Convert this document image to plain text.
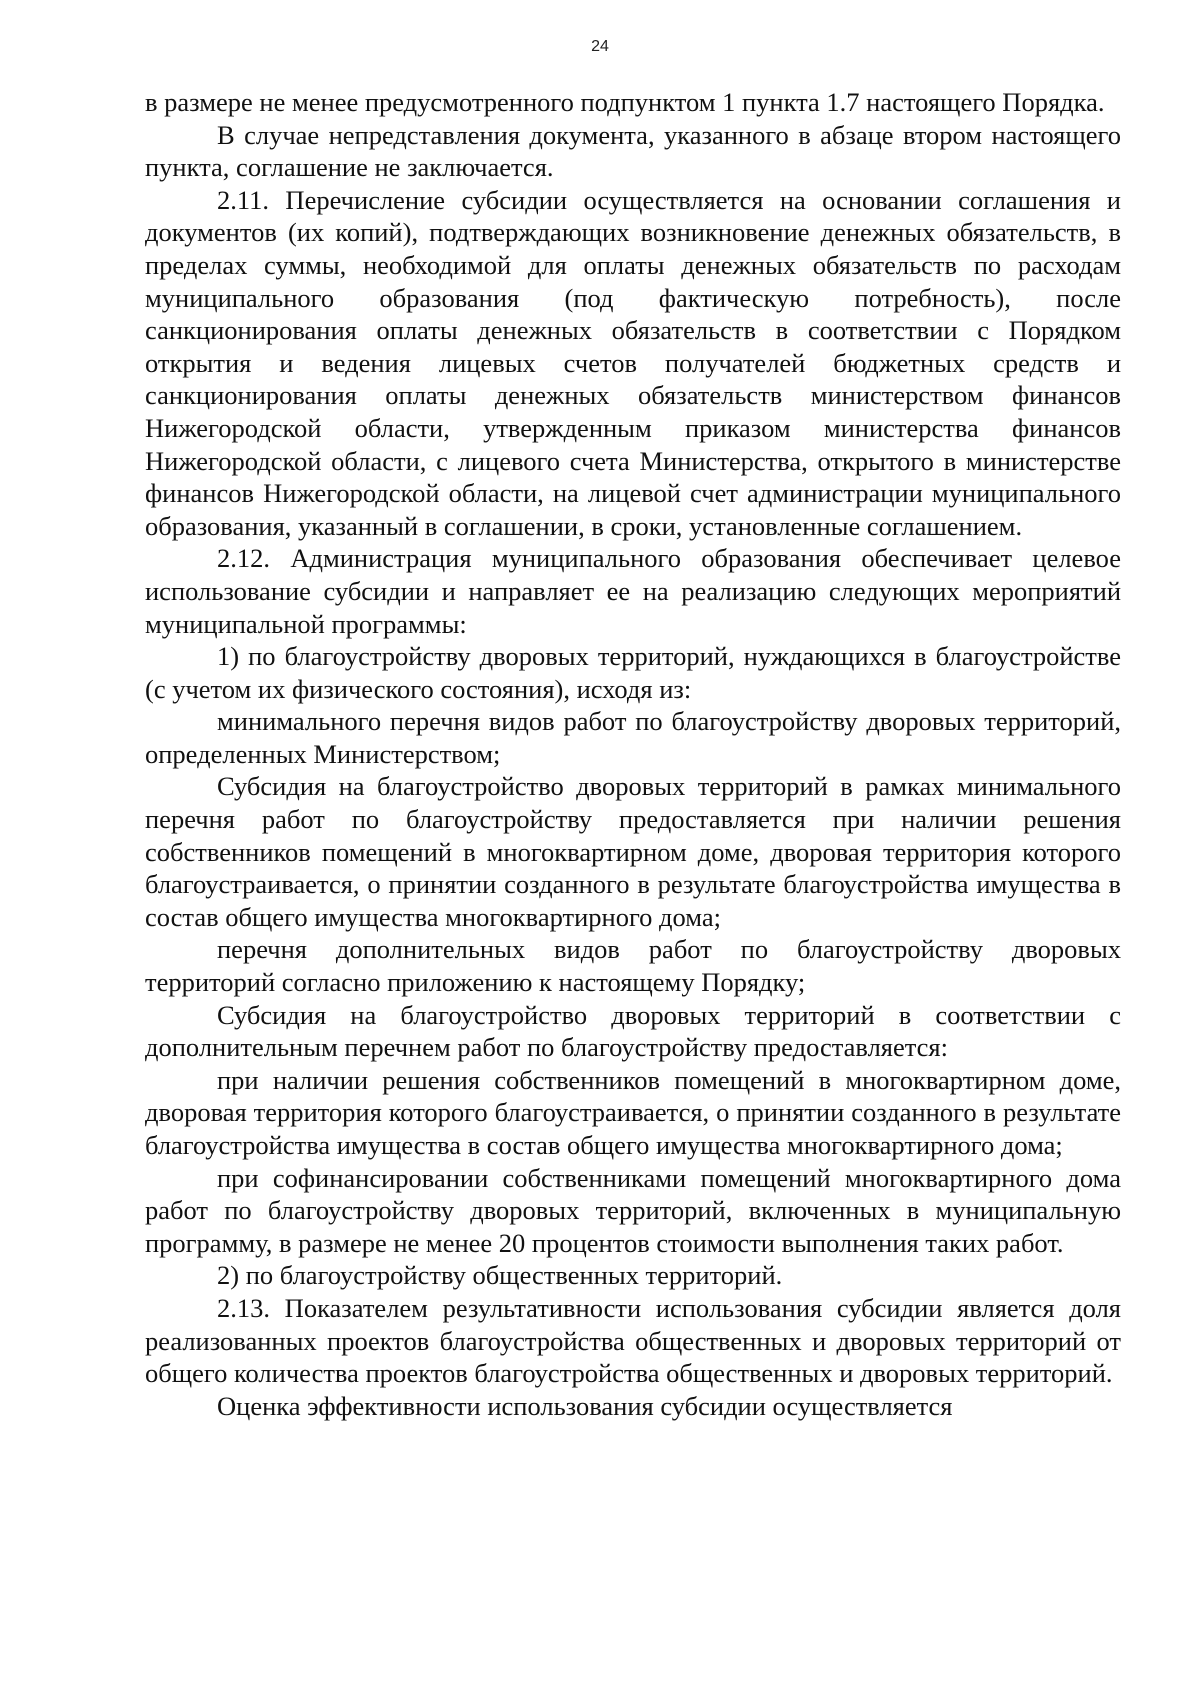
24

в размере не менее предусмотренного подпунктом 1 пункта 1.7 настоящего Порядка.

В случае непредставления документа, указанного в абзаце втором настоящего пункта, соглашение не заключается.

2.11. Перечисление субсидии осуществляется на основании соглашения и документов (их копий), подтверждающих возникновение денежных обязательств, в пределах суммы, необходимой для оплаты денежных обязательств по расходам муниципального образования (под фактическую потребность), после санкционирования оплаты денежных обязательств в соответствии с Порядком открытия и ведения лицевых счетов получателей бюджетных средств и санкционирования оплаты денежных обязательств министерством финансов Нижегородской области, утвержденным приказом министерства финансов Нижегородской области, с лицевого счета Министерства, открытого в министерстве финансов Нижегородской области, на лицевой счет администрации муниципального образования, указанный в соглашении, в сроки, установленные соглашением.

2.12. Администрация муниципального образования обеспечивает целевое использование субсидии и направляет ее на реализацию следующих мероприятий муниципальной программы:

1) по благоустройству дворовых территорий, нуждающихся в благоустройстве (с учетом их физического состояния), исходя из:

минимального перечня видов работ по благоустройству дворовых территорий, определенных Министерством;

Субсидия на благоустройство дворовых территорий в рамках минимального перечня работ по благоустройству предоставляется при наличии решения собственников помещений в многоквартирном доме, дворовая территория которого благоустраивается, о принятии созданного в результате благоустройства имущества в состав общего имущества многоквартирного дома;

перечня дополнительных видов работ по благоустройству дворовых территорий согласно приложению к настоящему Порядку;

Субсидия на благоустройство дворовых территорий в соответствии с дополнительным перечнем работ по благоустройству предоставляется:

при наличии решения собственников помещений в многоквартирном доме, дворовая территория которого благоустраивается, о принятии созданного в результате благоустройства имущества в состав общего имущества многоквартирного дома;

при софинансировании собственниками помещений многоквартирного дома работ по благоустройству дворовых территорий, включенных в муниципальную программу, в размере не менее 20 процентов стоимости выполнения таких работ.

2) по благоустройству общественных территорий.

2.13. Показателем результативности использования субсидии является доля реализованных проектов благоустройства общественных и дворовых территорий от общего количества проектов благоустройства общественных и дворовых территорий.

Оценка эффективности использования субсидии осуществляется
